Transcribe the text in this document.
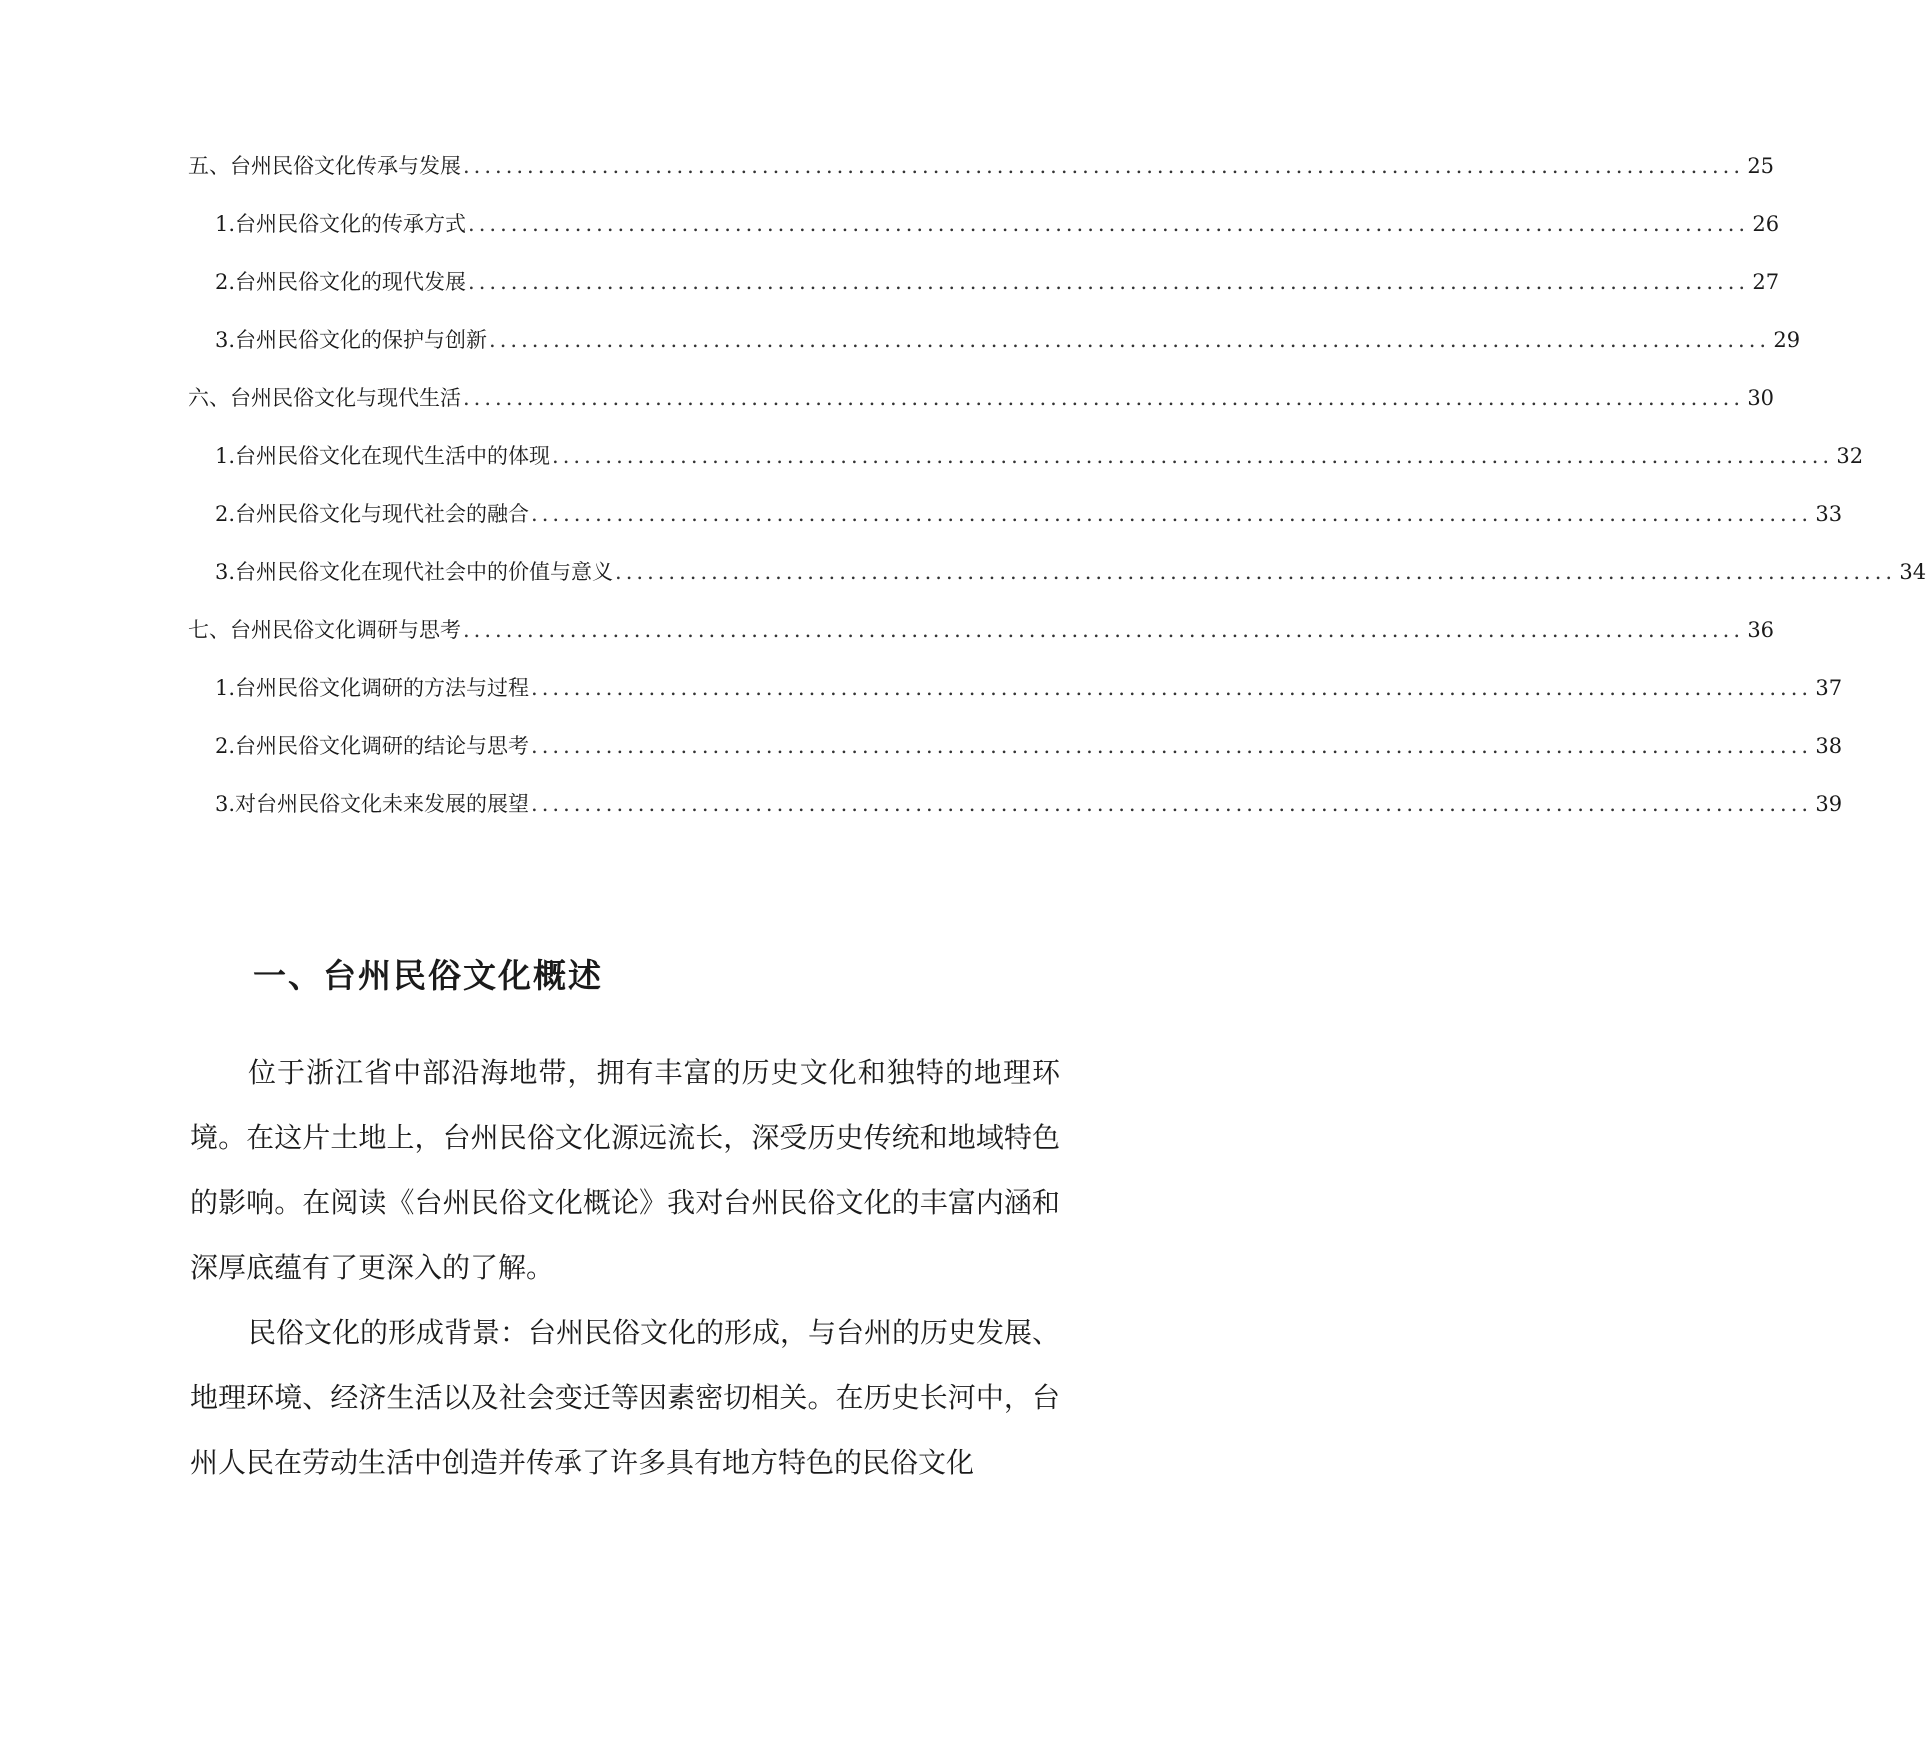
五、台州民俗文化传承与发展 ........................................................................................................................ 25
1. 台州民俗文化的传承方式 ........................................................................................................................ 26
2. 台州民俗文化的现代发展 ........................................................................................................................ 27
3. 台州民俗文化的保护与创新 ........................................................................................................................ 29
六、台州民俗文化与现代生活 ........................................................................................................................ 30
1. 台州民俗文化在现代生活中的体现 ........................................................................................................................ 32
2. 台州民俗文化与现代社会的融合 ........................................................................................................................ 33
3. 台州民俗文化在现代社会中的价值与意义 ........................................................................................................................ 34
七、台州民俗文化调研与思考 ........................................................................................................................ 36
1. 台州民俗文化调研的方法与过程 ........................................................................................................................ 37
2. 台州民俗文化调研的结论与思考 ........................................................................................................................ 38
3. 对台州民俗文化未来发展的展望 ........................................................................................................................ 39
一、台州民俗文化概述

位于浙江省中部沿海地带，拥有丰富的历史文化和独特的地理环境。在这片土地上，台州民俗文化源远流长，深受历史传统和地域特色的影响。在阅读《台州民俗文化概论》我对台州民俗文化的丰富内涵和深厚底蕴有了更深入的了解。

民俗文化的形成背景：台州民俗文化的形成，与台州的历史发展、地理环境、经济生活以及社会变迁等因素密切相关。在历史长河中，台州人民在劳动生活中创造并传承了许多具有地方特色的民俗文化
